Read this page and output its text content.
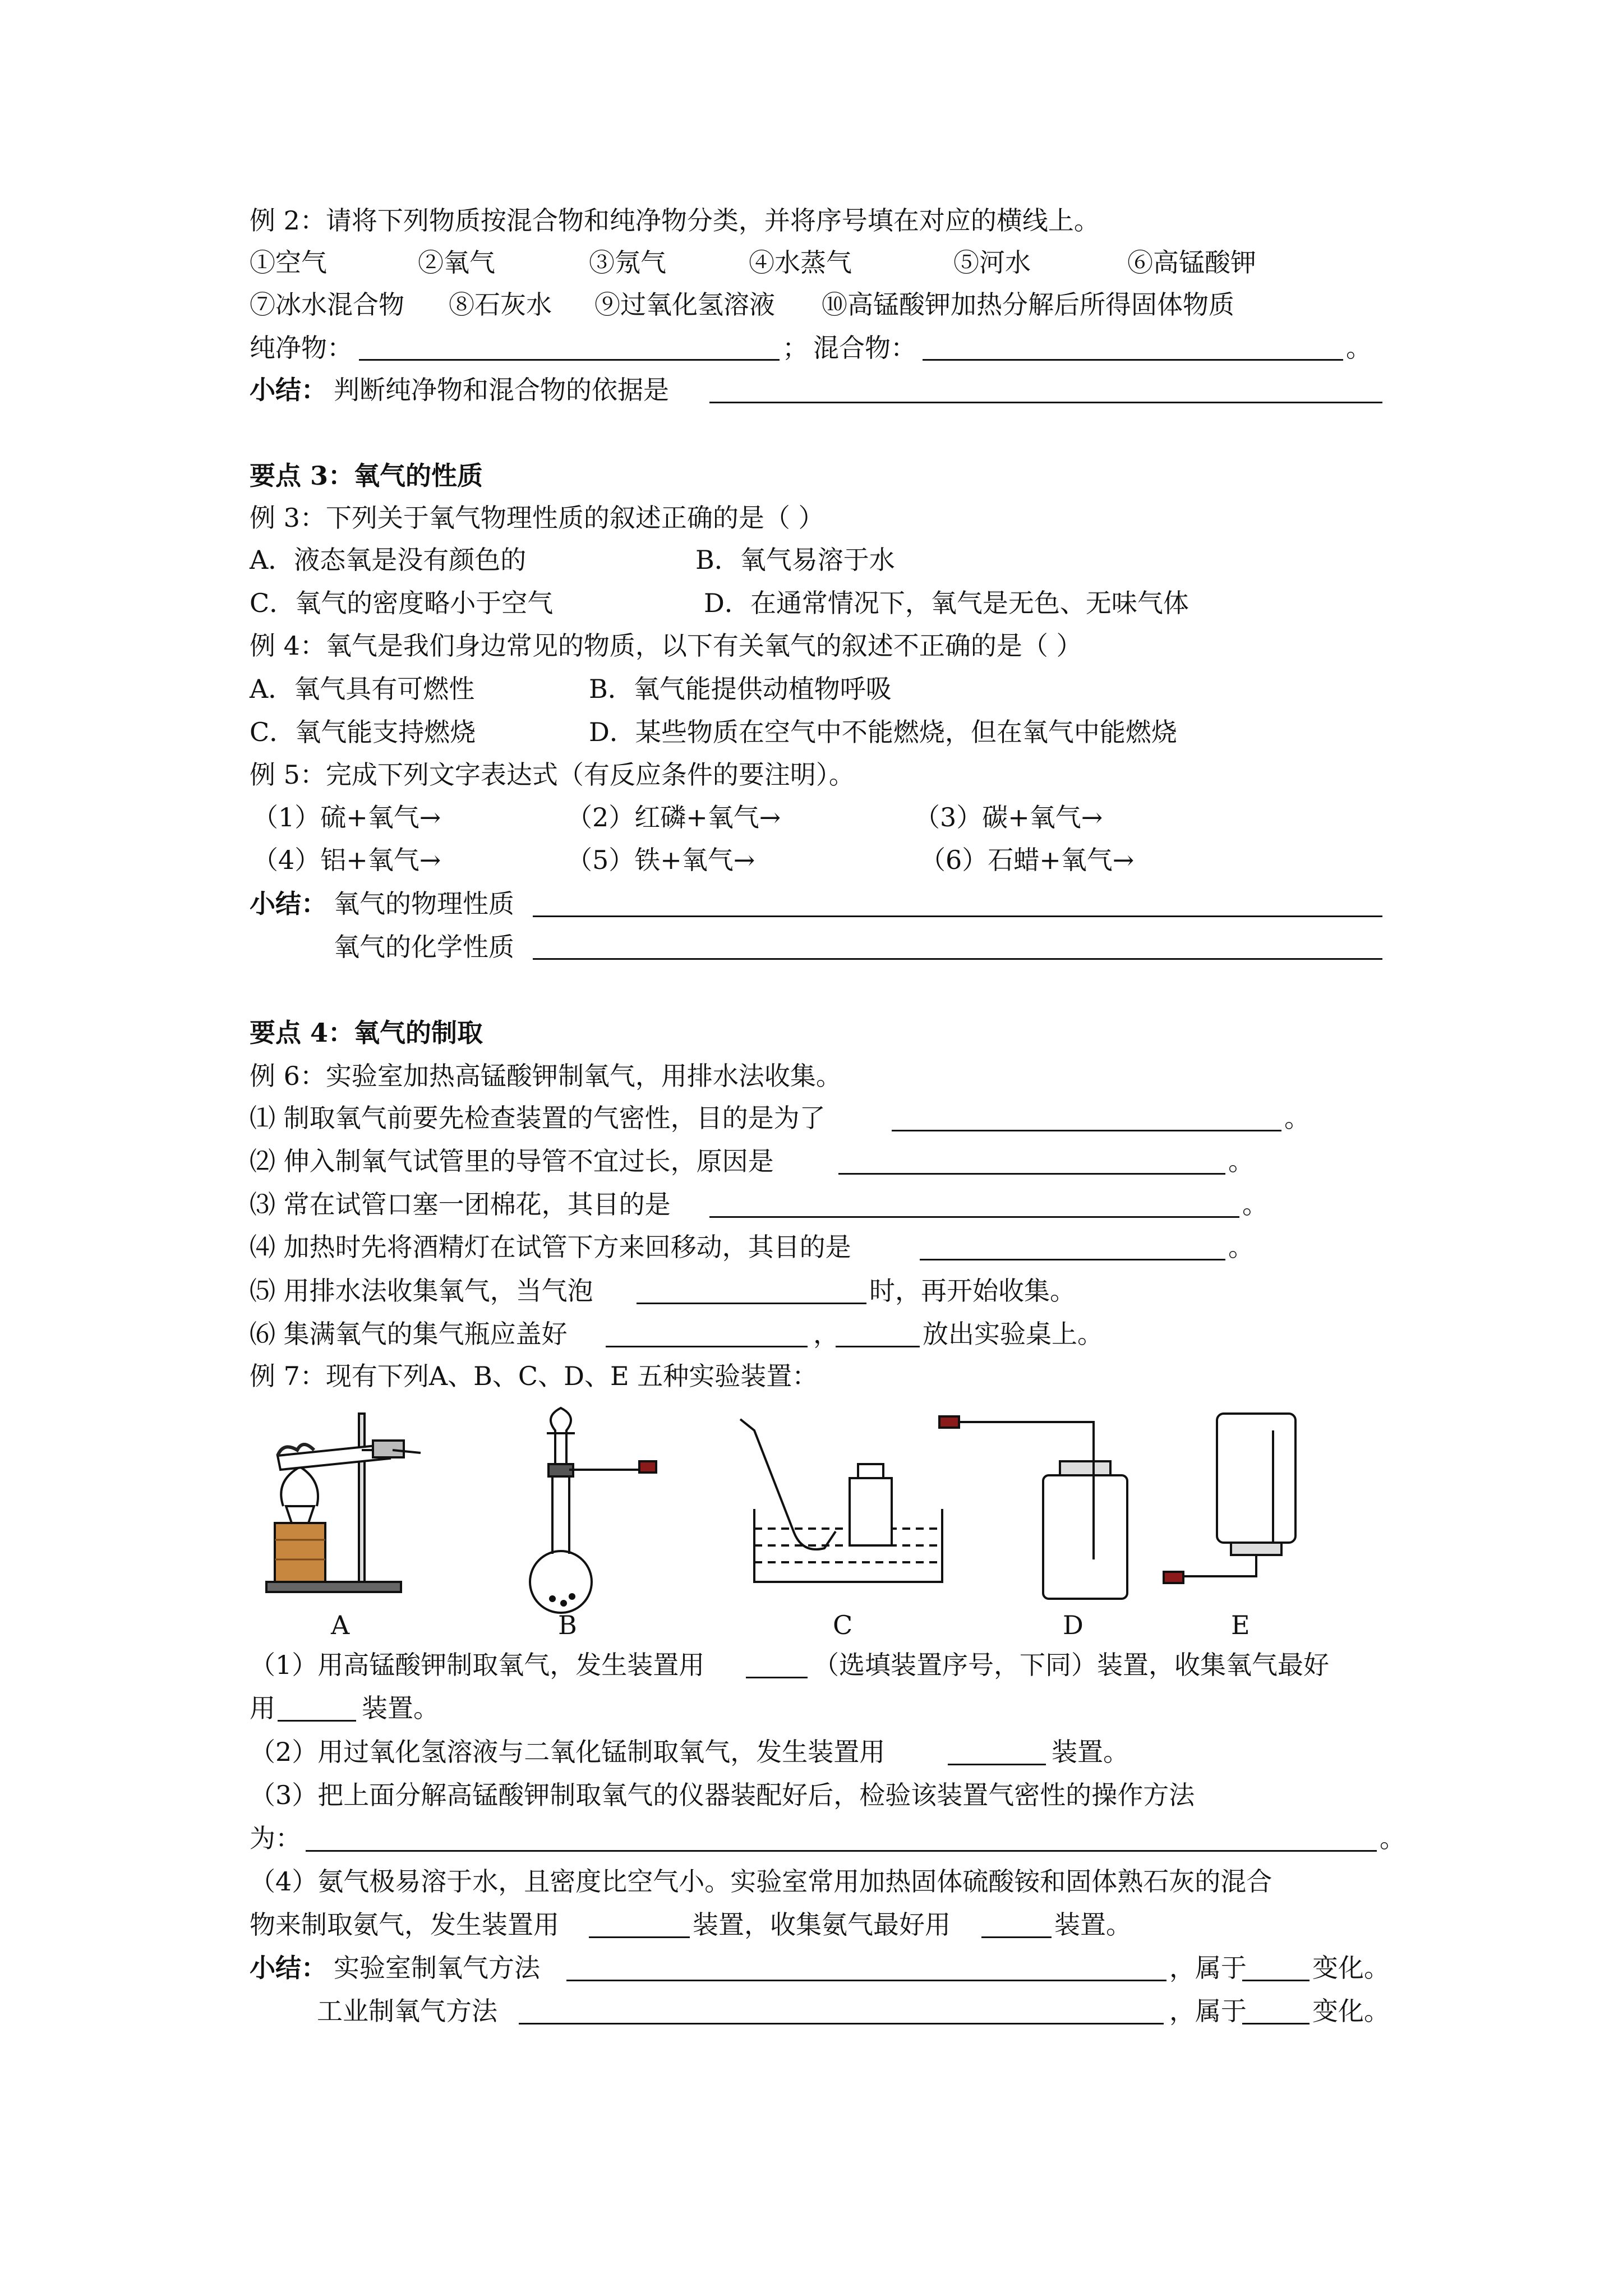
例 2：请将下列物质按混合物和纯净物分类，并将序号填在对应的横线上。
①空气	②氧气	③氖气	④水蒸气	⑤河水	⑥高锰酸钾
⑦冰水混合物 ⑧石灰水 ⑨过氧化氢溶液 ⑩高锰酸钾加热分解后所得固体物质
纯净物：	； 混合物：	。
小结： 判断纯净物和混合物的依据是
要点 3：氧气的性质
例 3：下列关于氧气物理性质的叙述正确的是（ ）
A．液态氧是没有颜色的	B．氧气易溶于水
C．氧气的密度略小于空气	D．在通常情况下，氧气是无色、无味气体
例 4：氧气是我们身边常见的物质，以下有关氧气的叙述不正确的是（ ）
A．氧气具有可燃性	B．氧气能提供动植物呼吸
C．氧气能支持燃烧	D．某些物质在空气中不能燃烧，但在氧气中能燃烧
例 5：完成下列文字表达式（有反应条件的要注明）。
（1）硫+氧气→	（2）红磷+氧气→	（3）碳+氧气→
（4）铝+氧气→	（5）铁+氧气→	（6）石蜡+氧气→
小结： 氧气的物理性质
氧气的化学性质
要点 4：氧气的制取
例 6：实验室加热高锰酸钾制氧气，用排水法收集。
⑴ 制取氧气前要先检查装置的气密性，目的是为了	。
⑵ 伸入制氧气试管里的导管不宜过长，原因是	。
⑶ 常在试管口塞一团棉花，其目的是	。
⑷ 加热时先将酒精灯在试管下方来回移动，其目的是	。
⑸ 用排水法收集氧气，当气泡	时，再开始收集。
⑹ 集满氧气的集气瓶应盖好	，	放出实验桌上。
例 7：现有下列A、B、C、D、E 五种实验装置：
A	B	C	D	E
（1）用高锰酸钾制取氧气，发生装置用	（选填装置序号，下同）装置，收集氧气最好
用	装置。
（2）用过氧化氢溶液与二氧化锰制取氧气，发生装置用	装置。
（3）把上面分解高锰酸钾制取氧气的仪器装配好后，检验该装置气密性的操作方法
为：	。
（4）氨气极易溶于水，且密度比空气小。实验室常用加热固体硫酸铵和固体熟石灰的混合
物来制取氨气，发生装置用	装置，收集氨气最好用	装置。
小结： 实验室制氧气方法	，属于	变化。
工业制氧气方法	，属于	变化。
